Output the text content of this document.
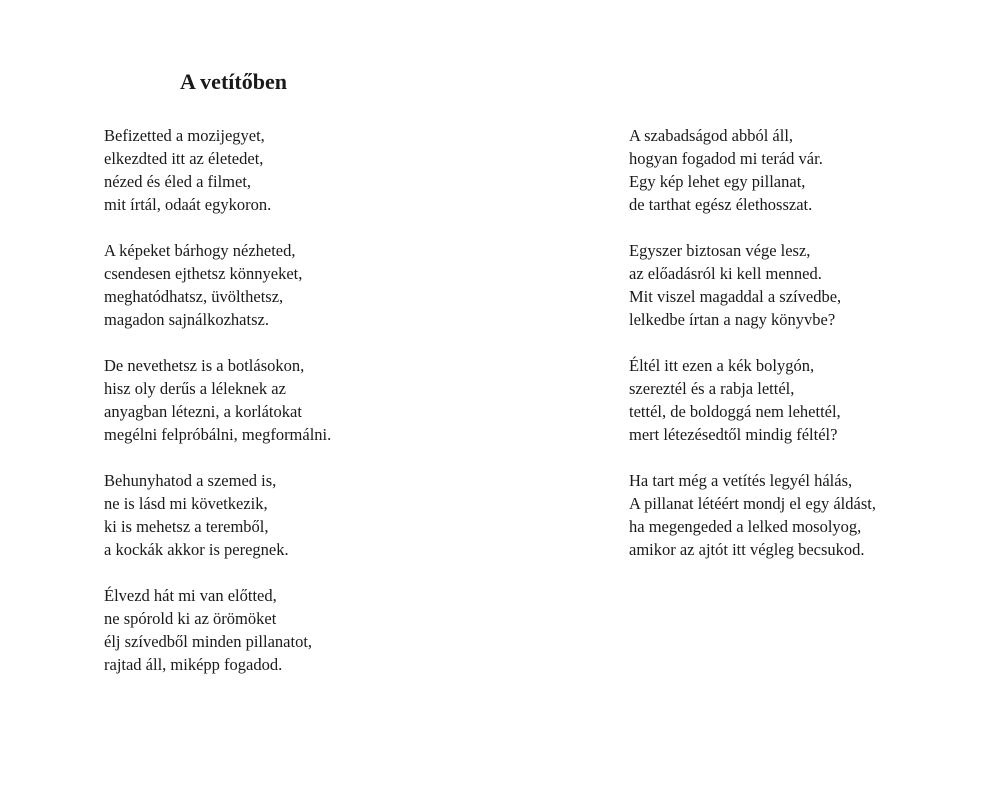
A vetítőben
Befizetted a mozijegyet,
elkezdted itt az életedet,
nézed és éled a filmet,
mit írtál, odaát egykoron.
A képeket bárhogy nézheted,
csendesen ejthetsz könnyeket,
meghatódhatsz, üvölthetsz,
magadon sajnálkozhatsz.
De nevethetsz is a botlásokon,
hisz oly derűs a léleknek az
anyagban létezni, a korlátokat
megélni felpróbálni, megformálni.
Behunyhatod a szemed is,
ne is lásd mi következik,
ki is mehetsz a teremből,
a kockák akkor is peregnek.
Élvezd hát mi van előtted,
ne spórold ki az örömöket
élj szívedből minden pillanatot,
rajtad áll, miképp fogadod.
A szabadságod abból áll,
hogyan fogadod mi terád vár.
Egy kép lehet egy pillanat,
de tarthat egész élethosszat.
Egyszer biztosan vége lesz,
az előadásról ki kell menned.
Mit viszel magaddal a szívedbe,
lelkedbe írtan a nagy könyvbe?
Éltél itt ezen a kék bolygón,
szereztél és a rabja lettél,
tettél, de boldoggá nem lehettél,
mert létezésedtől mindig féltél?
Ha tart még a vetítés legyél hálás,
A pillanat létéért mondj el egy áldást,
ha megengeded a lelked mosolyog,
amikor az ajtót itt végleg becsukod.
